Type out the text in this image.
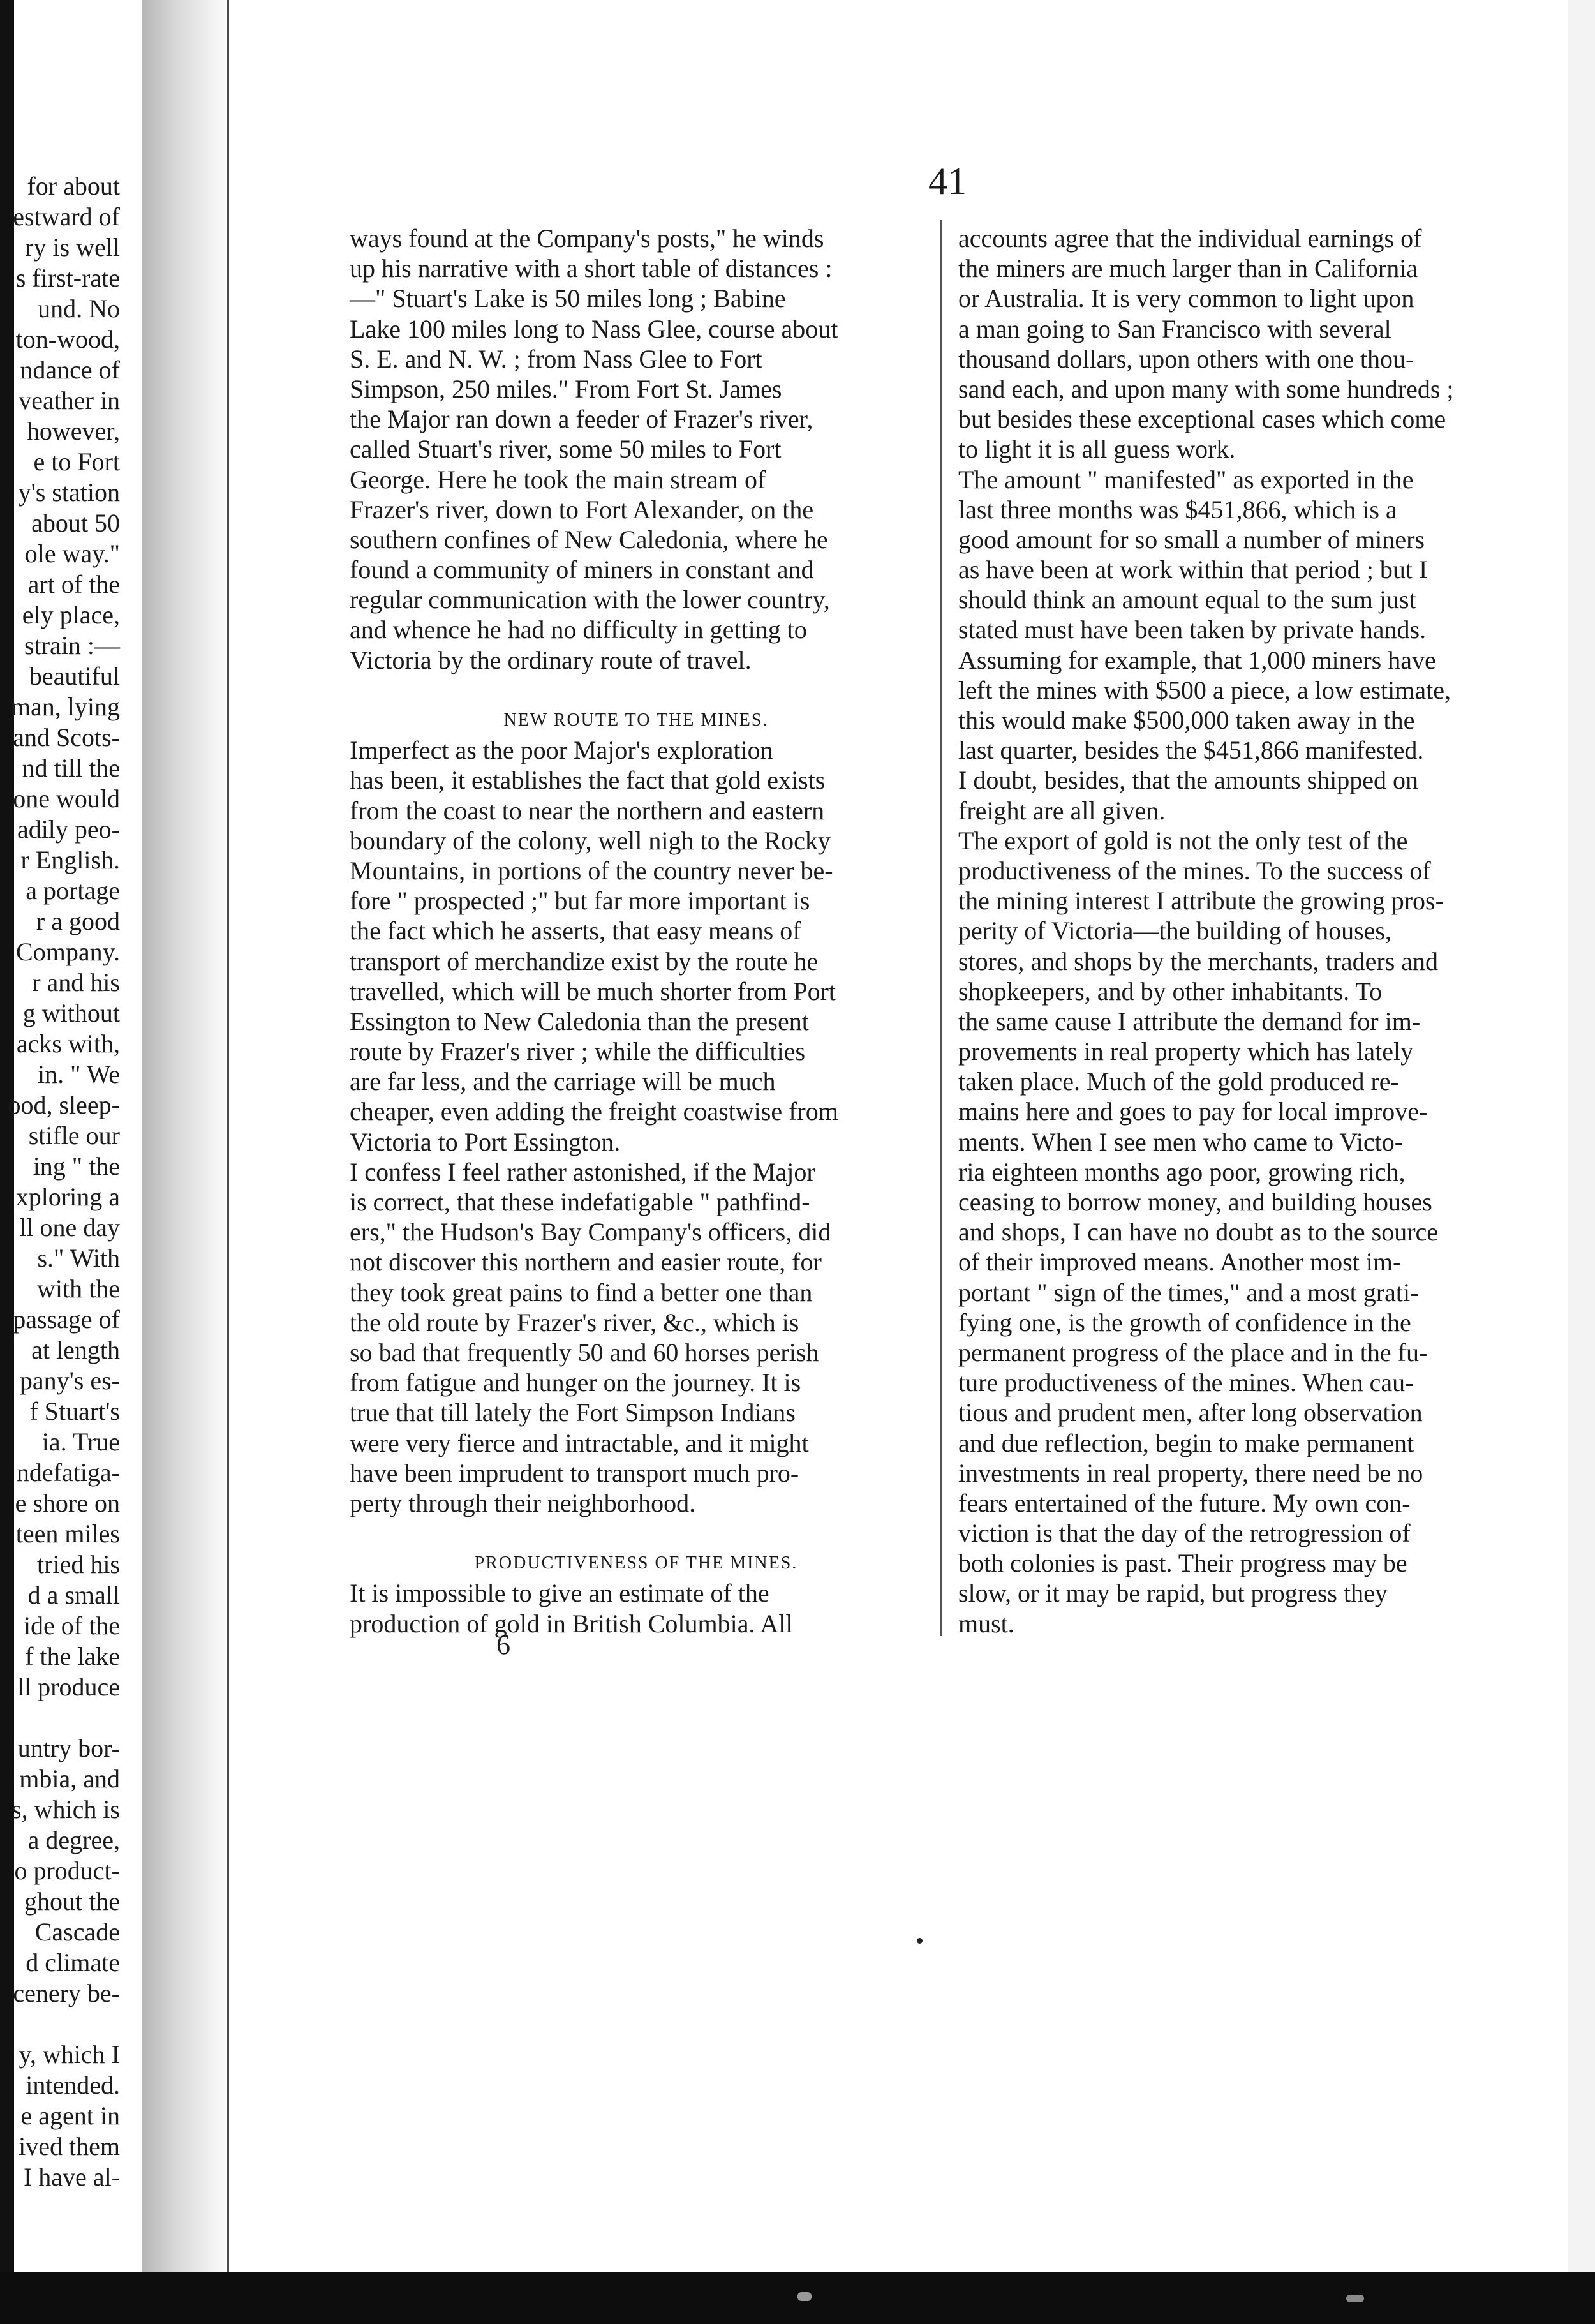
for about
estward of
ry is well
s first-rate
und. No
ton-wood,
ndance of
veather in
however,
e to Fort
y's station
about 50
ole way."
art of the
ely place,
strain :—
beautiful
man, lying
and Scots-
nd till the
one would
adily peo-
r English.
a portage
r a good
Company.
r and his
g without
acks with,
in. " We
ood, sleep-
stifle our
ing " the
xploring a
ll one day
s." With
with the
passage of
at length
pany's es-
f Stuart's
ia. True
ndefatiga-
e shore on
teen miles
tried his
d a small
ide of the
f the lake
ll produce
untry bor-
mbia, and
s, which is
a degree,
o product-
ghout the
Cascade
d climate
cenery be-
y, which I
intended.
e agent in
ived them
I have al-
41
ways found at the Company's posts," he winds
up his narrative with a short table of distances :
—" Stuart's Lake is 50 miles long ; Babine
Lake 100 miles long to Nass Glee, course about
S. E. and N. W. ; from Nass Glee to Fort
Simpson, 250 miles." From Fort St. James
the Major ran down a feeder of Frazer's river,
called Stuart's river, some 50 miles to Fort
George. Here he took the main stream of
Frazer's river, down to Fort Alexander, on the
southern confines of New Caledonia, where he
found a community of miners in constant and
regular communication with the lower country,
and whence he had no difficulty in getting to
Victoria by the ordinary route of travel.
NEW ROUTE TO THE MINES.
Imperfect as the poor Major's exploration
has been, it establishes the fact that gold exists
from the coast to near the northern and eastern
boundary of the colony, well nigh to the Rocky
Mountains, in portions of the country never be-
fore " prospected ;" but far more important is
the fact which he asserts, that easy means of
transport of merchandize exist by the route he
travelled, which will be much shorter from Port
Essington to New Caledonia than the present
route by Frazer's river ; while the difficulties
are far less, and the carriage will be much
cheaper, even adding the freight coastwise from
Victoria to Port Essington.
I confess I feel rather astonished, if the Major
is correct, that these indefatigable " pathfind-
ers," the Hudson's Bay Company's officers, did
not discover this northern and easier route, for
they took great pains to find a better one than
the old route by Frazer's river, &c., which is
so bad that frequently 50 and 60 horses perish
from fatigue and hunger on the journey. It is
true that till lately the Fort Simpson Indians
were very fierce and intractable, and it might
have been imprudent to transport much pro-
perty through their neighborhood.
PRODUCTIVENESS OF THE MINES.
It is impossible to give an estimate of the
production of gold in British Columbia. All
accounts agree that the individual earnings of
the miners are much larger than in California
or Australia. It is very common to light upon
a man going to San Francisco with several
thousand dollars, upon others with one thou-
sand each, and upon many with some hundreds ;
but besides these exceptional cases which come
to light it is all guess work.
The amount " manifested" as exported in the
last three months was $451,866, which is a
good amount for so small a number of miners
as have been at work within that period ; but I
should think an amount equal to the sum just
stated must have been taken by private hands.
Assuming for example, that 1,000 miners have
left the mines with $500 a piece, a low estimate,
this would make $500,000 taken away in the
last quarter, besides the $451,866 manifested.
I doubt, besides, that the amounts shipped on
freight are all given.
The export of gold is not the only test of the
productiveness of the mines. To the success of
the mining interest I attribute the growing pros-
perity of Victoria—the building of houses,
stores, and shops by the merchants, traders and
shopkeepers, and by other inhabitants. To
the same cause I attribute the demand for im-
provements in real property which has lately
taken place. Much of the gold produced re-
mains here and goes to pay for local improve-
ments. When I see men who came to Victo-
ria eighteen months ago poor, growing rich,
ceasing to borrow money, and building houses
and shops, I can have no doubt as to the source
of their improved means. Another most im-
portant " sign of the times," and a most grati-
fying one, is the growth of confidence in the
permanent progress of the place and in the fu-
ture productiveness of the mines. When cau-
tious and prudent men, after long observation
and due reflection, begin to make permanent
investments in real property, there need be no
fears entertained of the future. My own con-
viction is that the day of the retrogression of
both colonies is past. Their progress may be
slow, or it may be rapid, but progress they
must.
6
